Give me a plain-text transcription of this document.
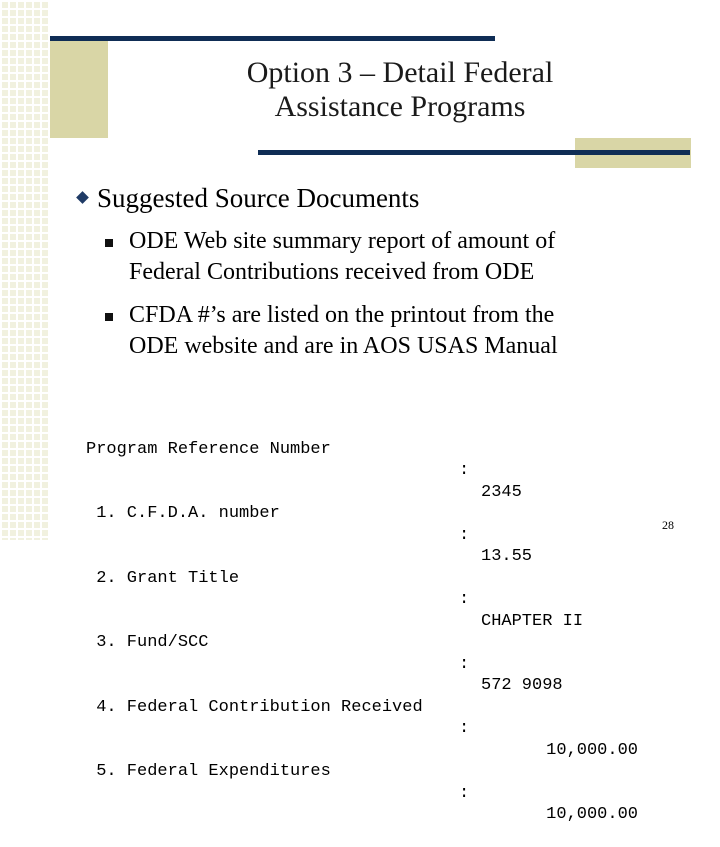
Option 3 – Detail Federal
Assistance Programs
Suggested Source Documents
ODE Web site summary report of amount of
Federal Contributions received from ODE
CFDA #’s are listed on the printout from the
ODE website and are in AOS USAS Manual

Program Reference Number

:

2345

1. C.F.D.A. number

:

13.55

2. Grant Title

:

CHAPTER II

3. Fund/SCC

:

572 9098

4. Federal Contribution Received

:

10,000.00

5. Federal Expenditures

:

10,000.00

28
